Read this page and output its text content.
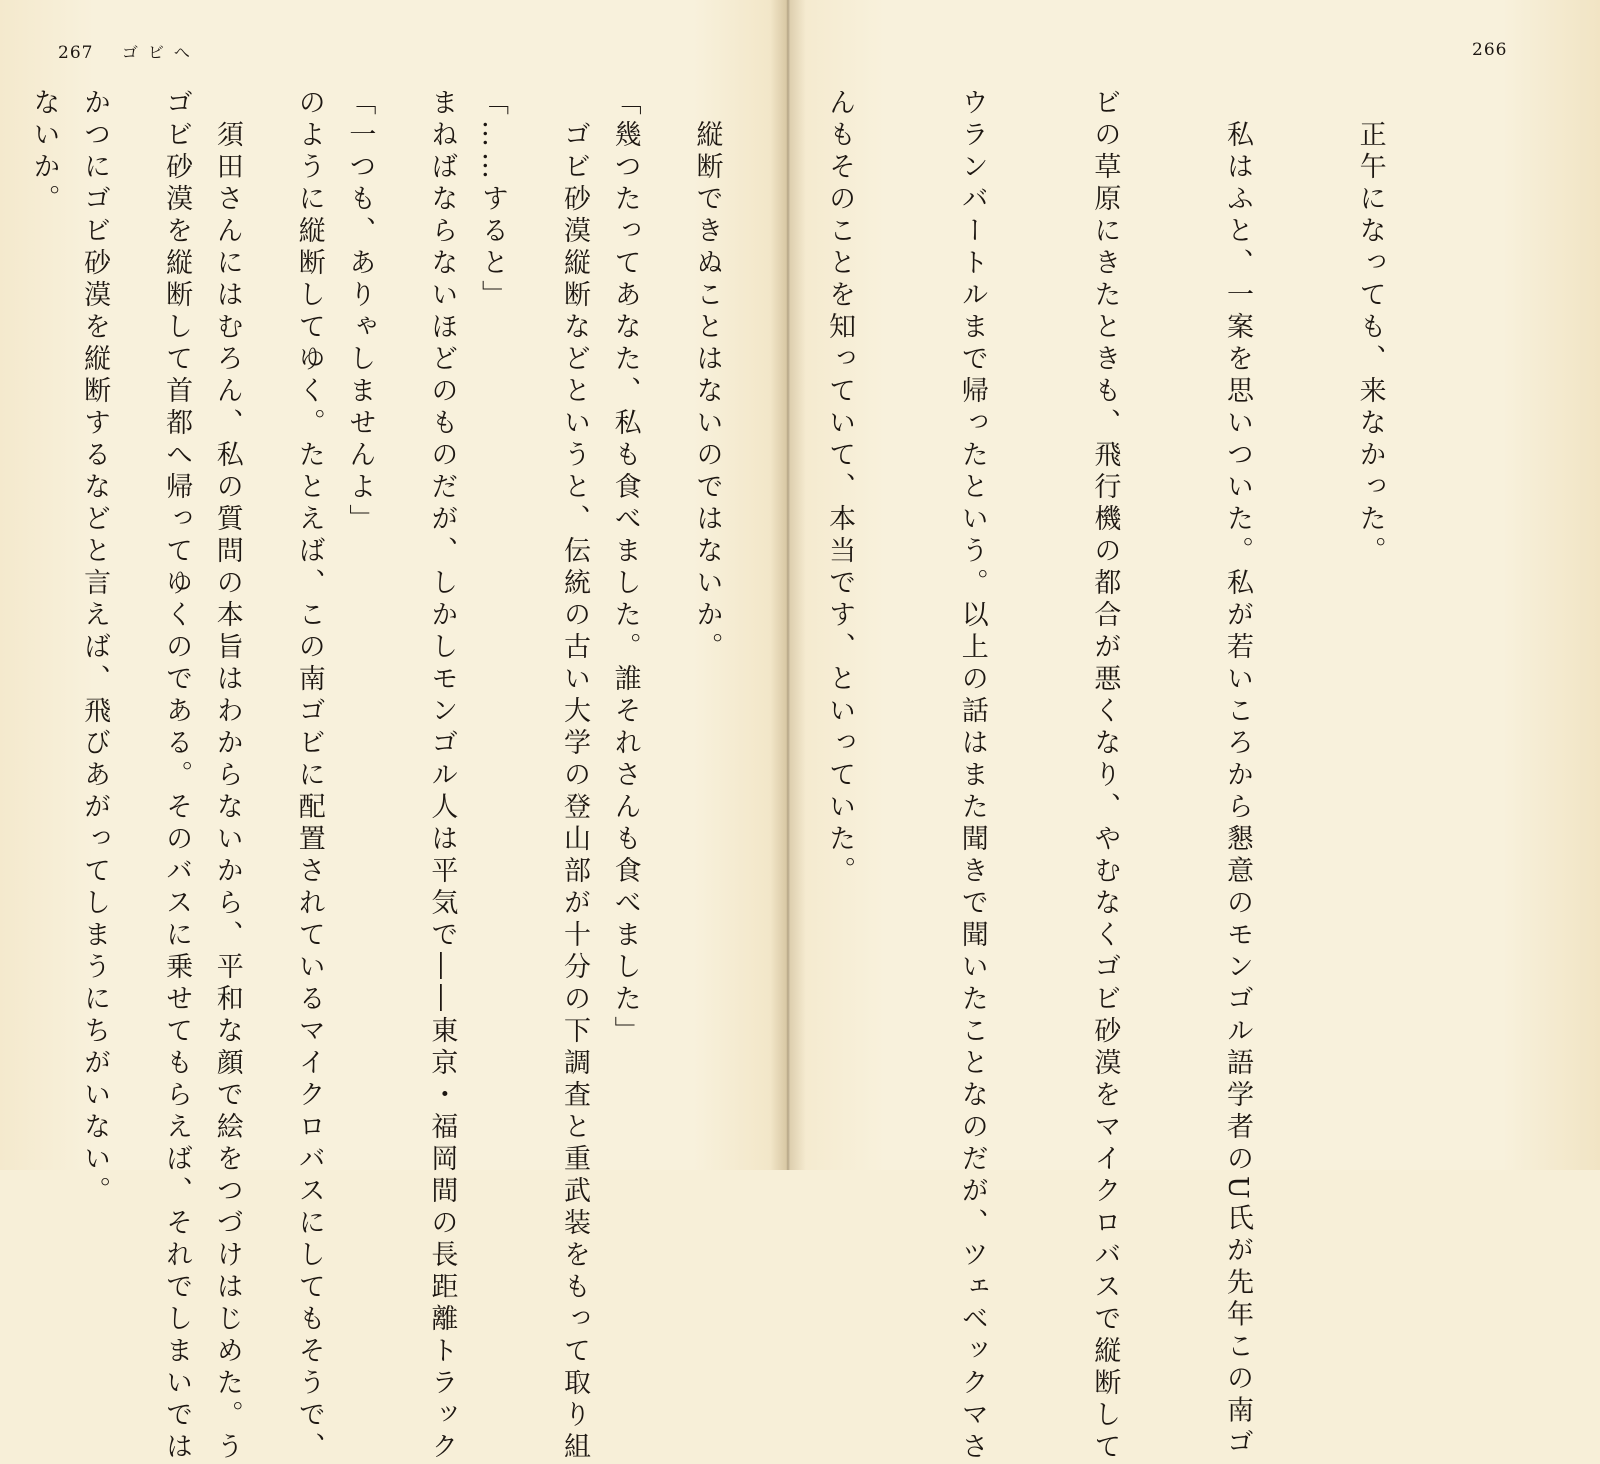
267 ゴビへ	266

「幾つたってあなた、私も食べました。誰それさんも食べました」

「……すると」

「一つも、ありゃしませんよ」

　須田さんにはむろん、私の質問の本旨はわからないから、平和な顔で絵をつづけはじめた。う

かつにゴビ砂漠を縦断するなどと言えば、飛びあがってしまうにちがいない。

	　正午になっても、来なかった。

　私はふと、一案を思いついた。私が若いころから懇意のモンゴル語学者のU氏が先年この南ゴ

ビの草原にきたときも、飛行機の都合が悪くなり、やむなくゴビ砂漠をマイクロバスで縦断して

ウランバートルまで帰ったという。以上の話はまた聞きで聞いたことなのだが、ツェベックマさ

んもそのことを知っていて、本当です、といっていた。

　縦断できぬことはないのではないか。

　ゴビ砂漠縦断などというと、伝統の古い大学の登山部が十分の下調査と重武装をもって取り組

まねばならないほどのものだが、しかしモンゴル人は平気で――東京・福岡間の長距離トラック

のように縦断してゆく。たとえば、この南ゴビに配置されているマイクロバスにしてもそうで、

ゴビ砂漠を縦断して首都へ帰ってゆくのである。そのバスに乗せてもらえば、それでしまいでは

ないか。
